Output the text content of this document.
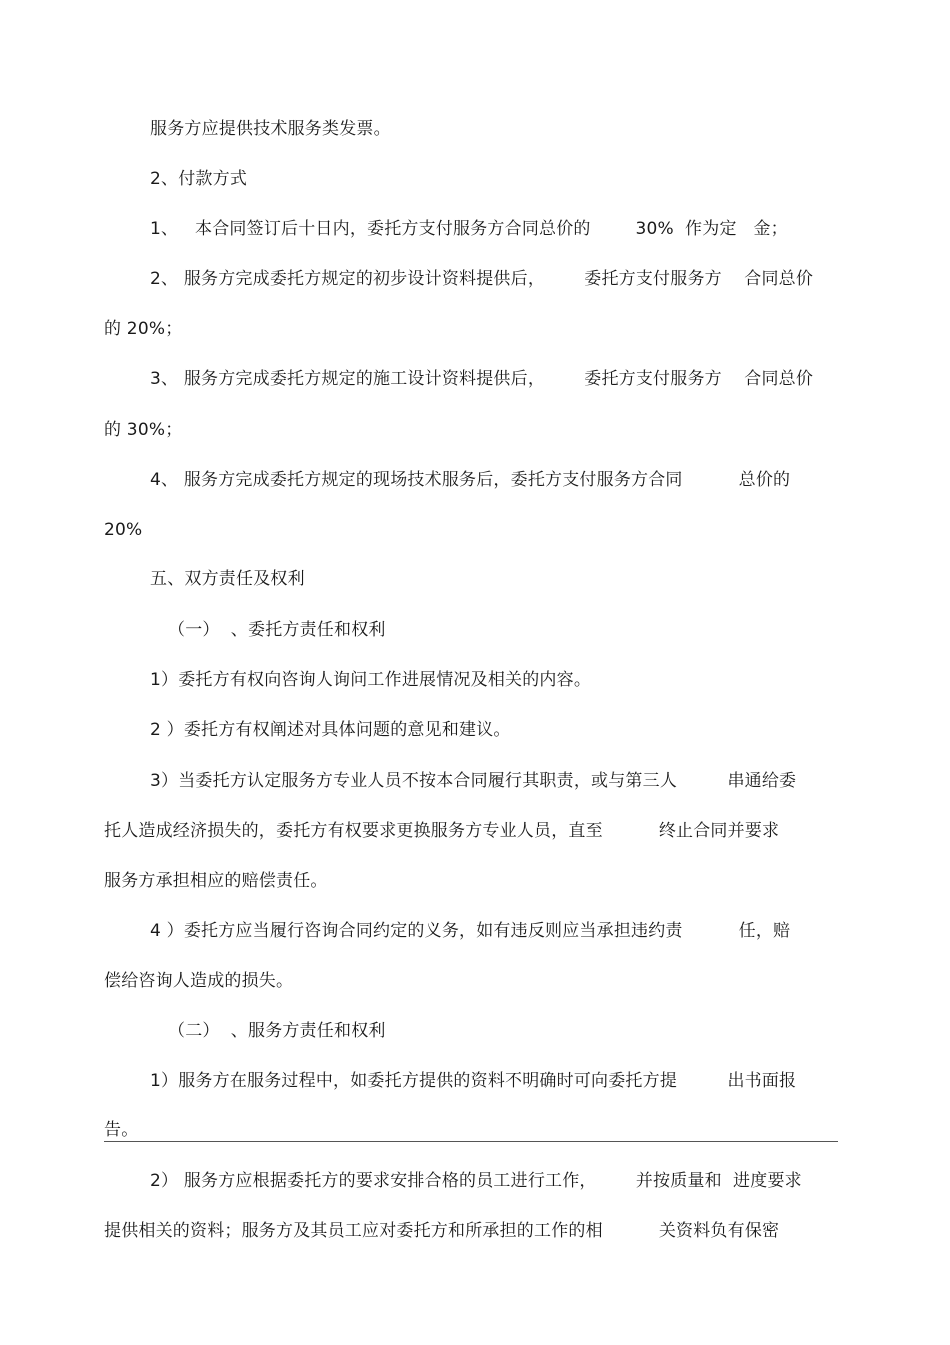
服务方应提供技术服务类发票。
2、付款方式
1、   本合同签订后十日内，委托方支付服务方合同总价的        30%  作为定   金；
2、 服务方完成委托方规定的初步设计资料提供后，       委托方支付服务方    合同总价
的 20%；
3、 服务方完成委托方规定的施工设计资料提供后，       委托方支付服务方    合同总价
的 30%；
4、 服务方完成委托方规定的现场技术服务后，委托方支付服务方合同          总价的
20%
五、双方责任及权利
（一）  、委托方责任和权利
1）委托方有权向咨询人询问工作进展情况及相关的内容。
2 ）委托方有权阐述对具体问题的意见和建议。
3）当委托方认定服务方专业人员不按本合同履行其职责，或与第三人         串通给委
托人造成经济损失的，委托方有权要求更换服务方专业人员，直至          终止合同并要求
服务方承担相应的赔偿责任。
4 ）委托方应当履行咨询合同约定的义务，如有违反则应当承担违约责          任，赔
偿给咨询人造成的损失。
（二）  、服务方责任和权利
1）服务方在服务过程中，如委托方提供的资料不明确时可向委托方提         出书面报
告。
2） 服务方应根据委托方的要求安排合格的员工进行工作，       并按质量和  进度要求
提供相关的资料；服务方及其员工应对委托方和所承担的工作的相          关资料负有保密
